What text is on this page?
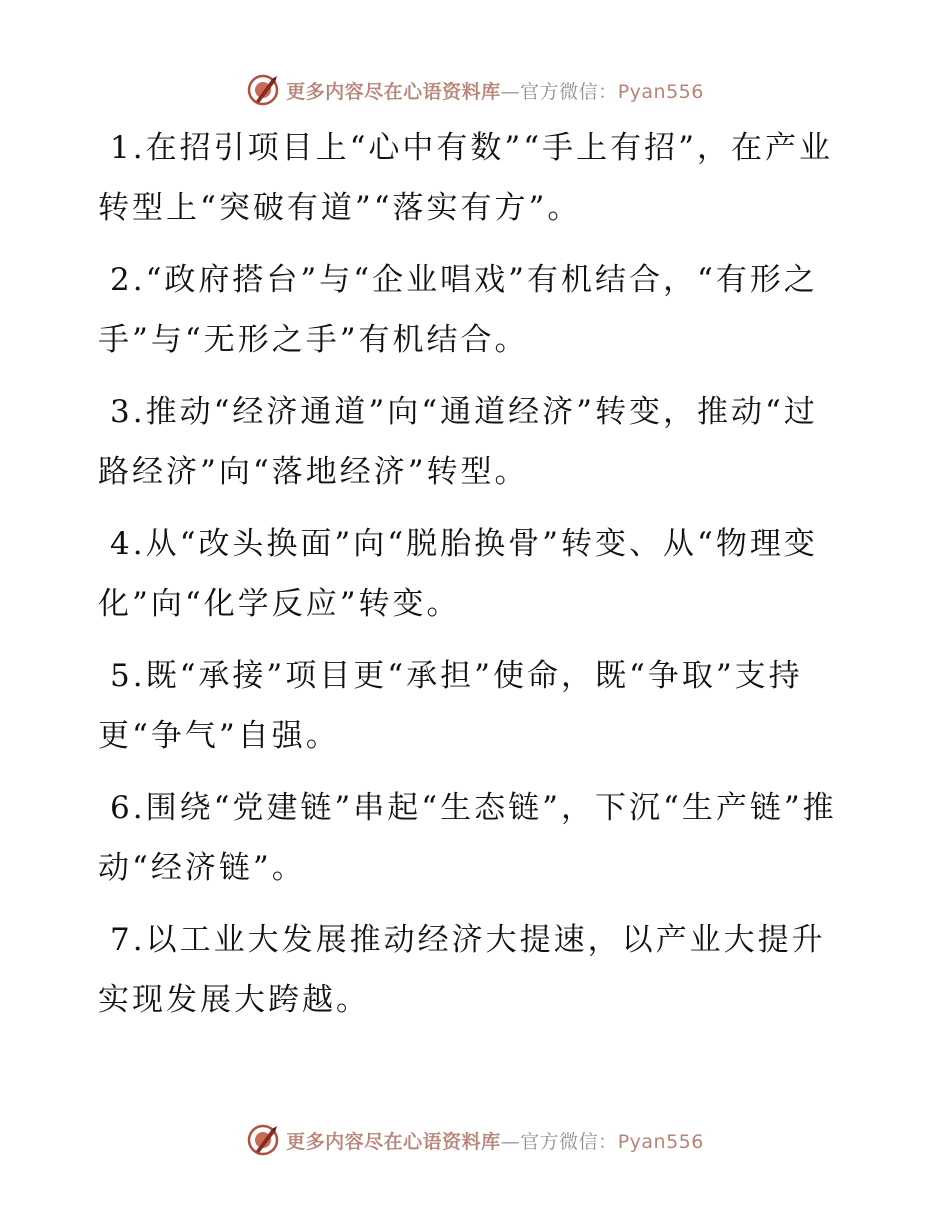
更多内容尽在心语资料库—官方微信：Pyan556

1.在招引项目上“心中有数”“手上有招”，在产业转型上“突破有道”“落实有方”。

2.“政府搭台”与“企业唱戏”有机结合，“有形之手”与“无形之手”有机结合。

3.推动“经济通道”向“通道经济”转变，推动“过路经济”向“落地经济”转型。

4.从“改头换面”向“脱胎换骨”转变、从“物理变化”向“化学反应”转变。

5.既“承接”项目更“承担”使命，既“争取”支持更“争气”自强。

6.围绕“党建链”串起“生态链”，下沉“生产链”推动“经济链”。

7.以工业大发展推动经济大提速，以产业大提升实现发展大跨越。

更多内容尽在心语资料库—官方微信：Pyan556
